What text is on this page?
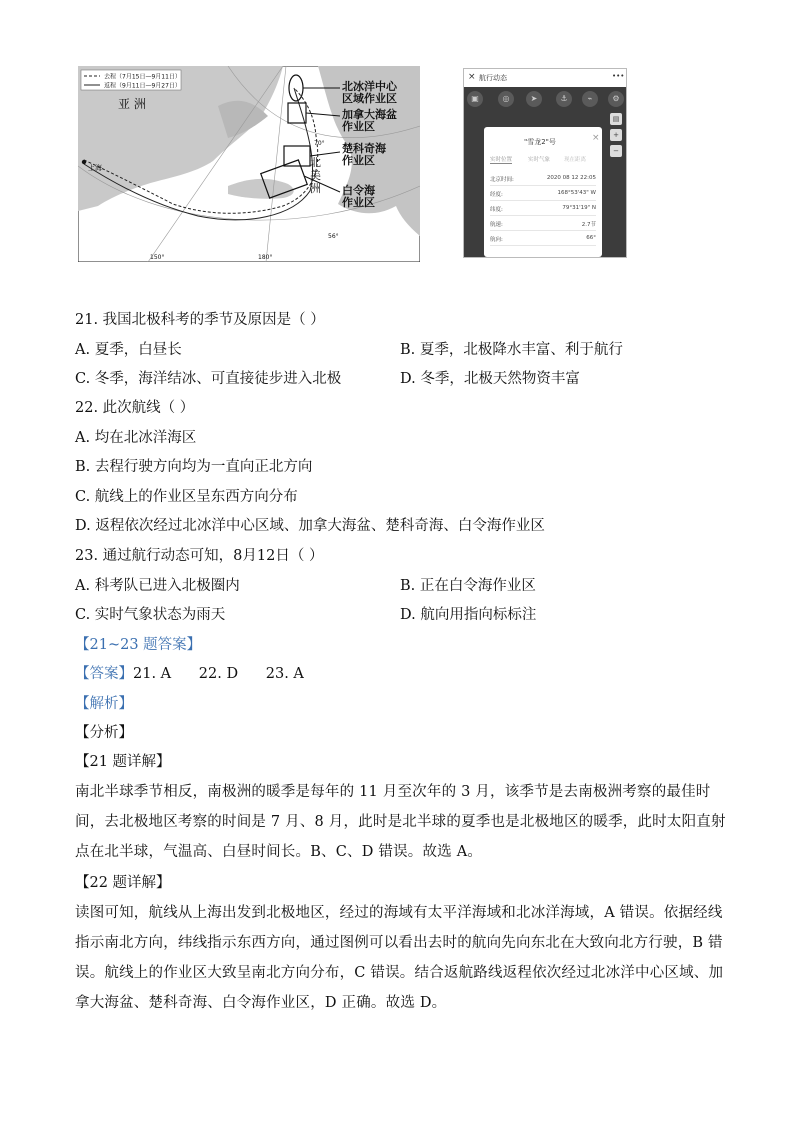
去程（7月15日—9月11日）
返程（9月11日—9月27日）
亚 洲
上海	北
美
洲
北冰洋中心
区域作业区
加拿大海盆
作业区
楚科奇海
作业区
白令海
作业区
70°
56°
150°	180°
× 航行动态	•••
▣	◎	➤	⚓	⌁	⚙
▤
+
−
"雪龙2"号	×
实时位置	实时气象	现在距离
北京时间:	2020 08 12 22:05
经度:	168°53'43" W
纬度:	79°31'19" N
航速:	2.7节
航向:	66°
21. 我国北极科考的季节及原因是（ ）
A. 夏季，白昼长	B. 夏季，北极降水丰富、利于航行
C. 冬季，海洋结冰、可直接徒步进入北极	D. 冬季，北极天然物资丰富
22. 此次航线（ ）
A. 均在北冰洋海区
B. 去程行驶方向均为一直向正北方向
C. 航线上的作业区呈东西方向分布
D. 返程依次经过北冰洋中心区域、加拿大海盆、楚科奇海、白令海作业区
23. 通过航行动态可知，8月12日（ ）
A. 科考队已进入北极圈内	B. 正在白令海作业区
C. 实时气象状态为雨天	D. 航向用指向标标注
【21~23 题答案】
【答案】21. A      22. D      23. A
【解析】
【分析】
【21 题详解】
南北半球季节相反，南极洲的暖季是每年的 11 月至次年的 3 月，该季节是去南极洲考察的最佳时间，去北极地区考察的时间是 7 月、8 月，此时是北半球的夏季也是北极地区的暖季，此时太阳直射点在北半球，气温高、白昼时间长。B、C、D 错误。故选 A。
【22 题详解】
读图可知，航线从上海出发到北极地区，经过的海域有太平洋海域和北冰洋海域，A 错误。依据经线指示南北方向，纬线指示东西方向，通过图例可以看出去时的航向先向东北在大致向北方行驶，B 错误。航线上的作业区大致呈南北方向分布，C 错误。结合返航路线返程依次经过北冰洋中心区域、加拿大海盆、楚科奇海、白令海作业区，D 正确。故选 D。
